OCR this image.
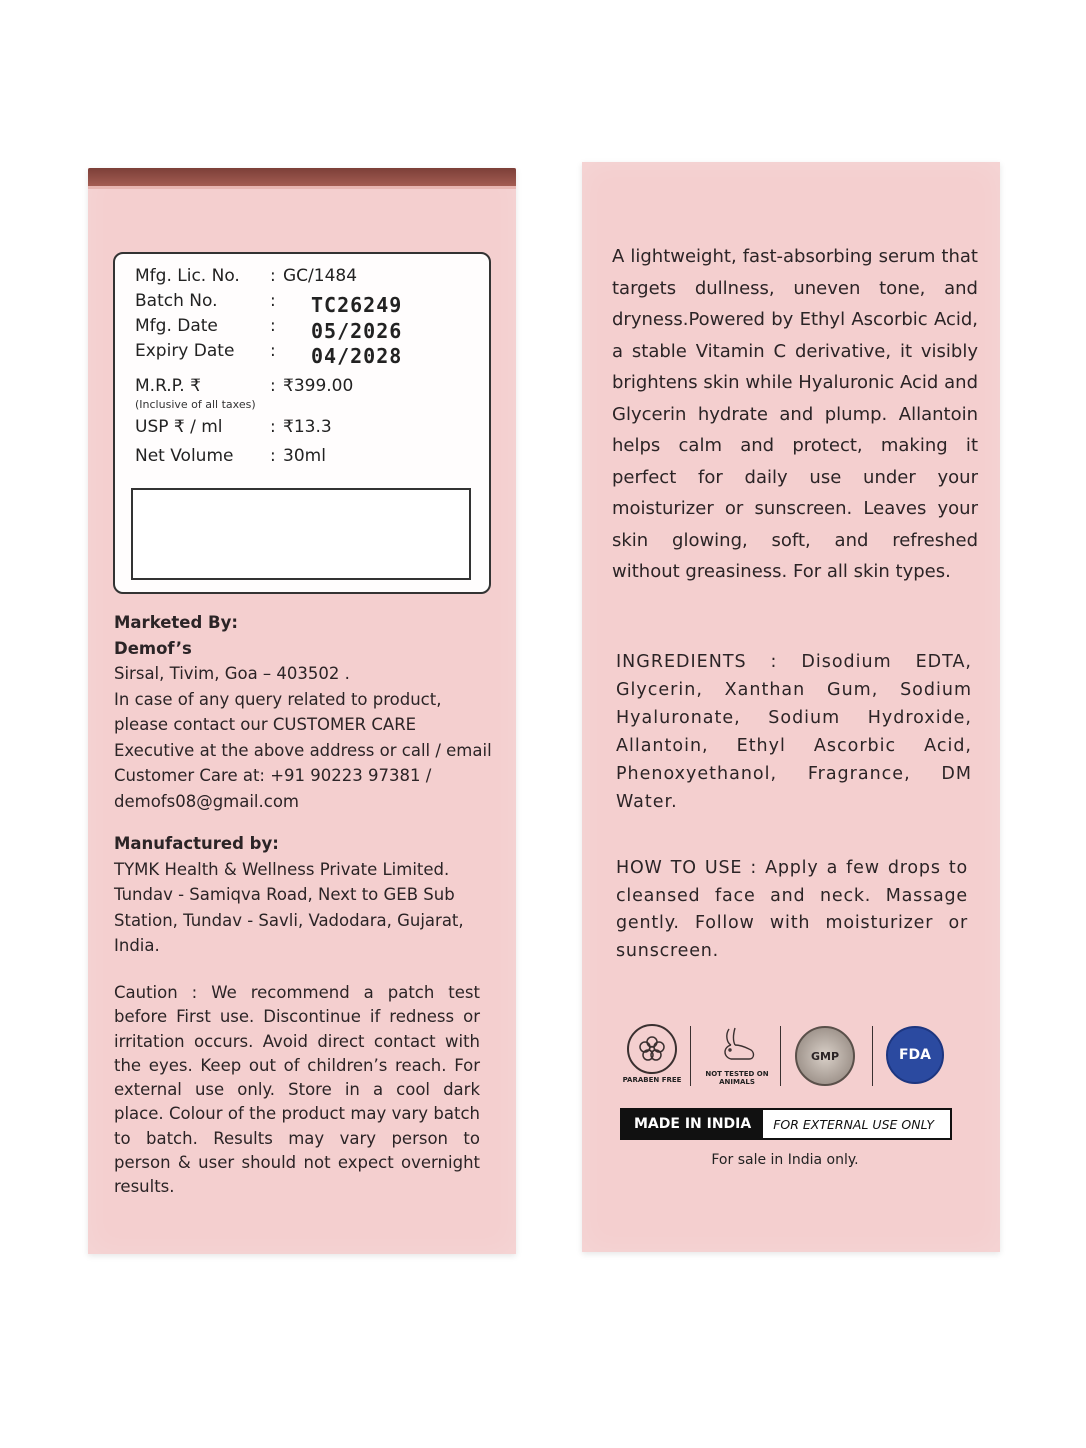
Mfg. Lic. No. : GC/1484
Batch No.	: TC26249
Mfg. Date	: 05/2026
Expiry Date : 04/2028
M.R.P. ₹	: ₹399.00
(Inclusive of all taxes)
USP ₹ / ml	: ₹13.3
Net Volume : 30ml
Marketed By:
Demof’s
Sirsal, Tivim, Goa – 403502 .
In case of any query related to product,
please contact our CUSTOMER CARE
Executive at the above address or call / email
Customer Care at: +91 90223 97381 /
demofs08@gmail.com
Manufactured by:
TYMK Health & Wellness Private Limited.
Tundav - Samiqva Road, Next to GEB Sub
Station, Tundav - Savli, Vadodara, Gujarat,
India.
Caution : We recommend a patch test before First use. Discontinue if redness or irritation occurs. Avoid direct contact with the eyes. Keep out of children’s reach. For external use only. Store in a cool dark place. Colour of the product may vary batch to batch. Results may vary person to person & user should not expect overnight results.
A lightweight, fast-absorbing serum that targets dullness, uneven tone, and dryness.Powered by Ethyl Ascorbic Acid, a stable Vitamin C derivative, it visibly brightens skin while Hyaluronic Acid and Glycerin hydrate and plump. Allantoin helps calm and protect, making it perfect for daily use under your moisturizer or sunscreen. Leaves your skin glowing, soft, and refreshed without greasiness. For all skin types.
INGREDIENTS : Disodium EDTA, Glycerin, Xanthan Gum, Sodium Hyaluronate, Sodium Hydroxide, Allantoin, Ethyl Ascorbic Acid, Phenoxyethanol, Fragrance, DM Water.
HOW TO USE : Apply a few drops to cleansed face and neck. Massage gently. Follow with moisturizer or sunscreen.
PARABEN FREE
NOT TESTED ON ANIMALS
GMP	FDA
MADE IN INDIA	FOR EXTERNAL USE ONLY
For sale in India only.
